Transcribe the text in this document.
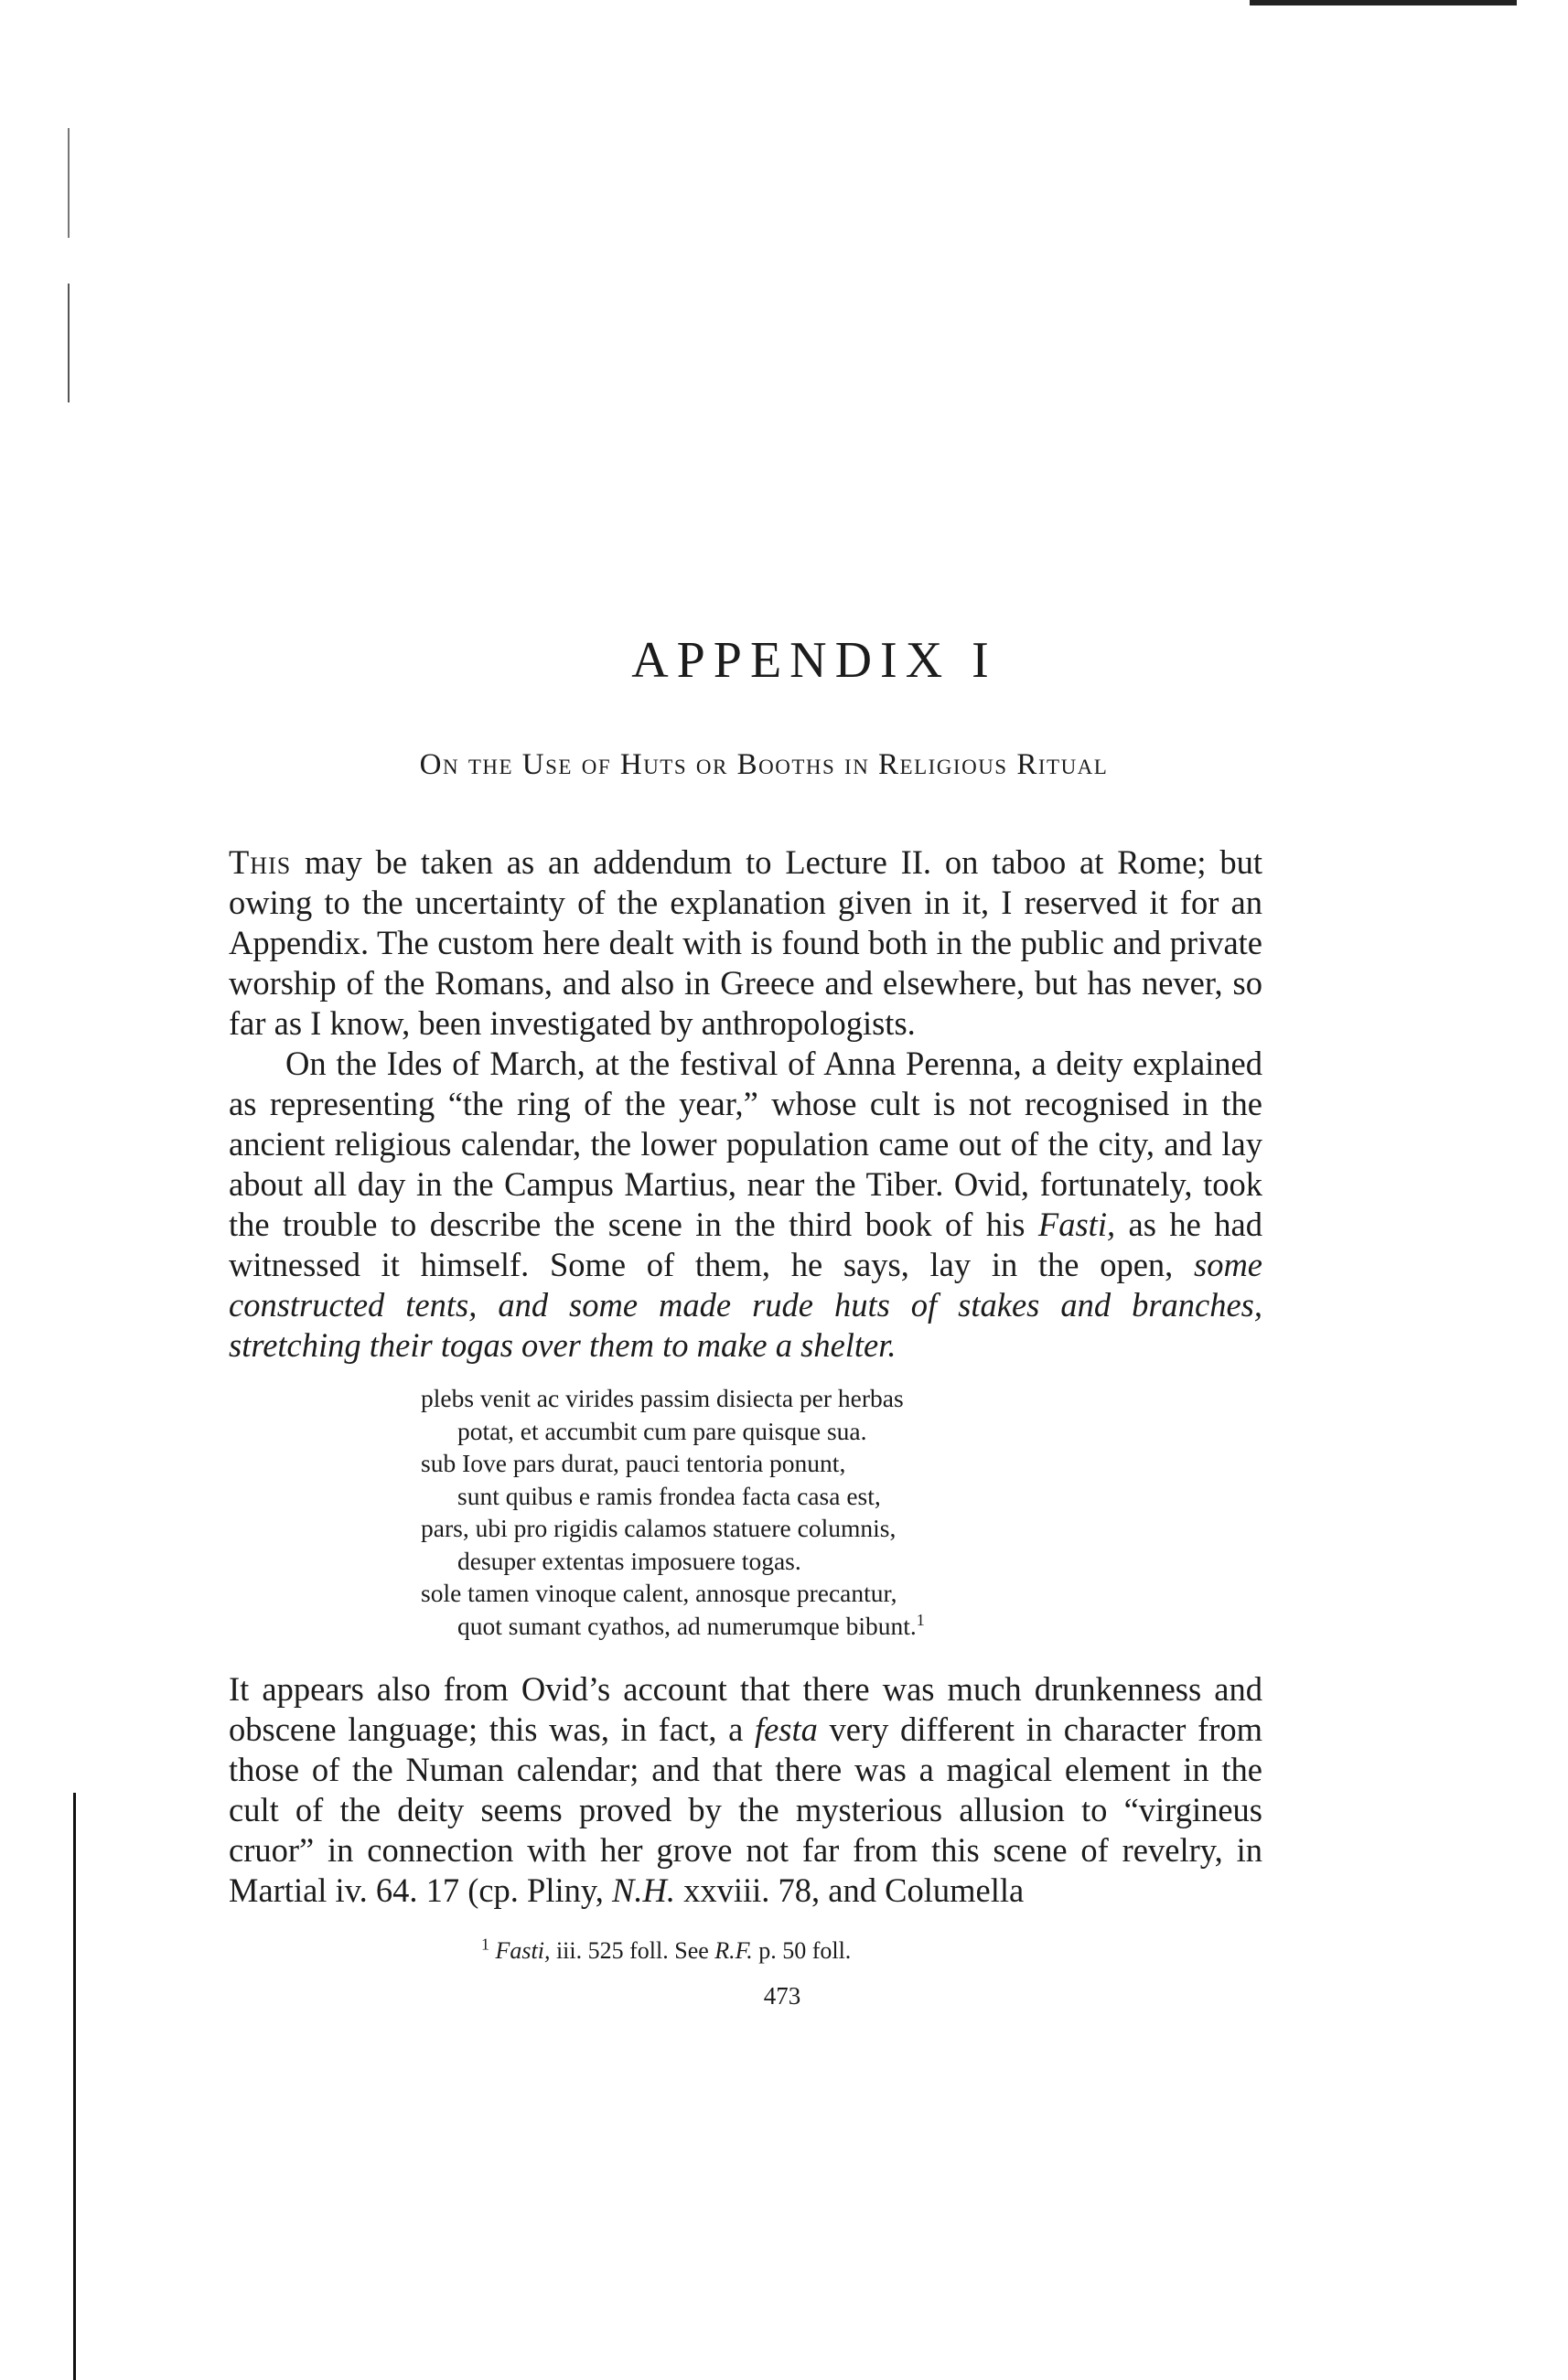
APPENDIX I
On the Use of Huts or Booths in Religious Ritual

This may be taken as an addendum to Lecture II. on taboo at Rome; but owing to the uncertainty of the explanation given in it, I reserved it for an Appendix. The custom here dealt with is found both in the public and private worship of the Romans, and also in Greece and elsewhere, but has never, so far as I know, been investigated by anthropologists.

On the Ides of March, at the festival of Anna Perenna, a deity explained as representing “the ring of the year,” whose cult is not recognised in the ancient religious calendar, the lower population came out of the city, and lay about all day in the Campus Martius, near the Tiber. Ovid, fortunately, took the trouble to describe the scene in the third book of his Fasti, as he had witnessed it himself. Some of them, he says, lay in the open, some constructed tents, and some made rude huts of stakes and branches, stretching their togas over them to make a shelter.

plebs venit ac virides passim disiecta per herbas
potat, et accumbit cum pare quisque sua.
sub Iove pars durat, pauci tentoria ponunt,
sunt quibus e ramis frondea facta casa est,
pars, ubi pro rigidis calamos statuere columnis,
desuper extentas imposuere togas.
sole tamen vinoque calent, annosque precantur,
quot sumant cyathos, ad numerumque bibunt.$^1$

It appears also from Ovid’s account that there was much drunkenness and obscene language; this was, in fact, a festa very different in character from those of the Numan calendar; and that there was a magical element in the cult of the deity seems proved by the mysterious allusion to “virgineus cruor” in connection with her grove not far from this scene of revelry, in Martial iv. 64. 17 (cp. Pliny, N.H. xxviii. 78, and Columella

$^1$ Fasti, iii. 525 foll. See R.F. p. 50 foll.
473
